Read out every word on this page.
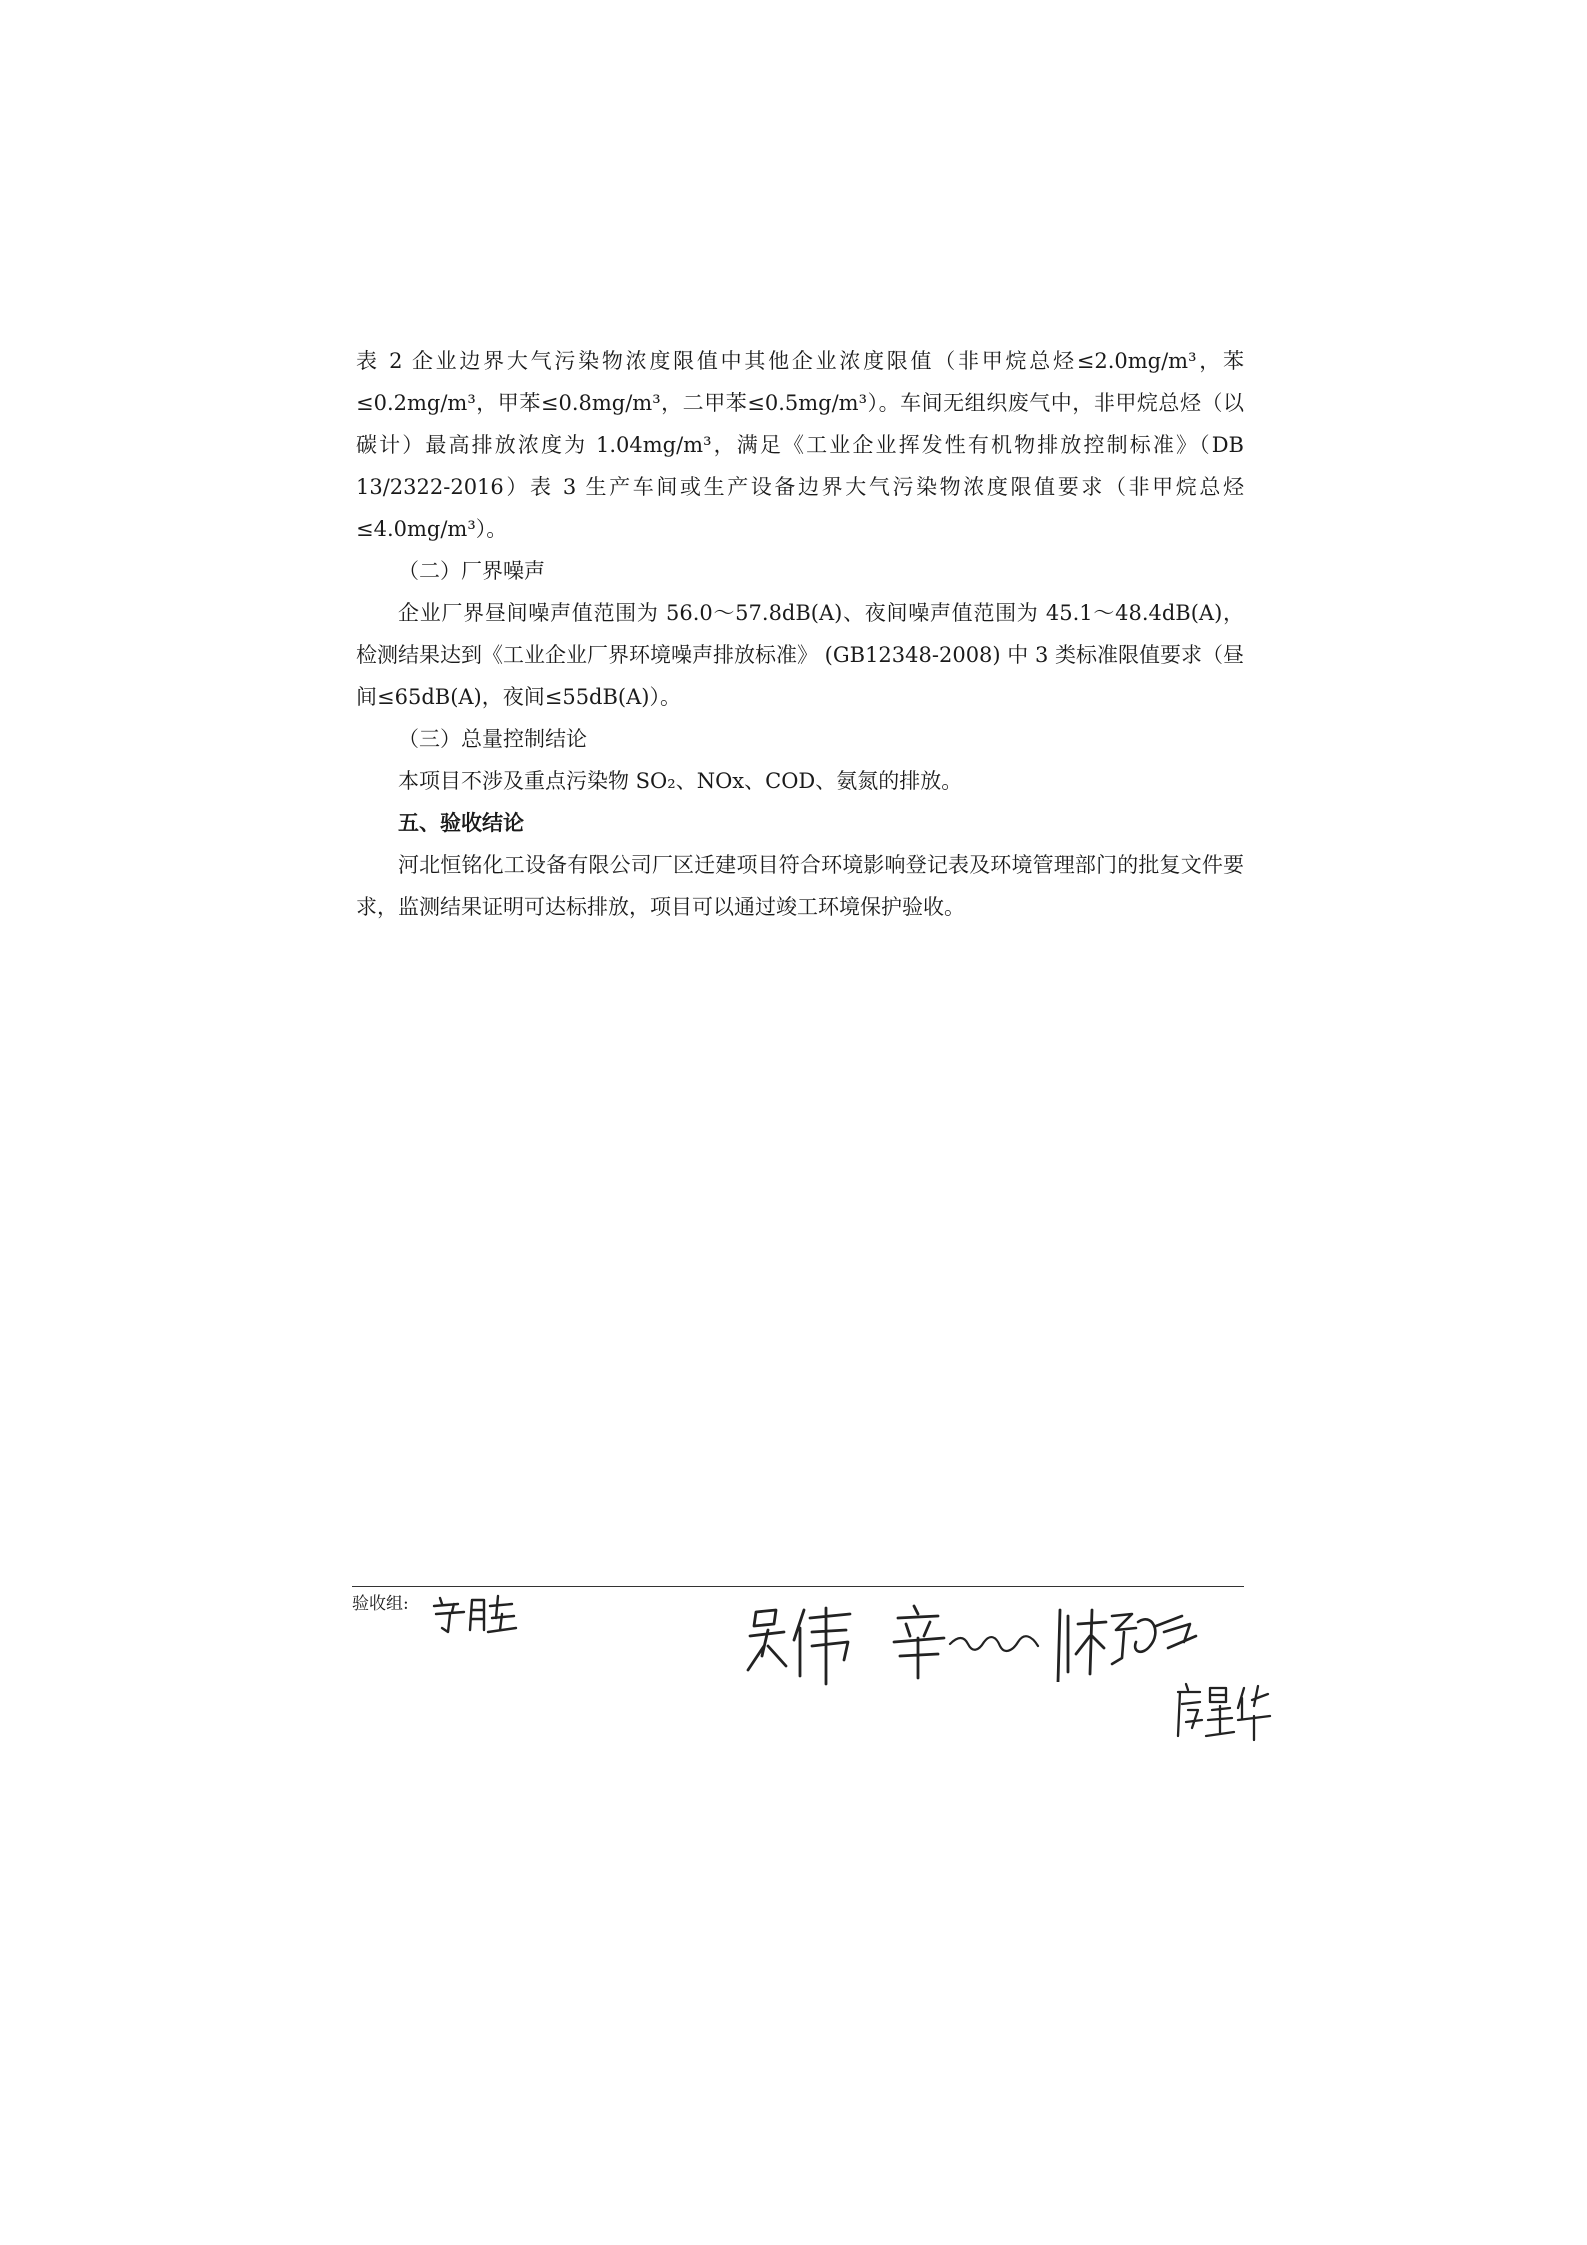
表 2 企业边界大气污染物浓度限值中其他企业浓度限值（非甲烷总烃≤2.0mg/m³，苯≤0.2mg/m³，甲苯≤0.8mg/m³，二甲苯≤0.5mg/m³）。车间无组织废气中，非甲烷总烃（以碳计）最高排放浓度为 1.04mg/m³，满足《工业企业挥发性有机物排放控制标准》（DB 13/2322-2016）表 3 生产车间或生产设备边界大气污染物浓度限值要求（非甲烷总烃≤4.0mg/m³）。

（二）厂界噪声

企业厂界昼间噪声值范围为 56.0～57.8dB(A)、夜间噪声值范围为 45.1～48.4dB(A)，检测结果达到《工业企业厂界环境噪声排放标准》 (GB12348-2008) 中 3 类标准限值要求（昼间≤65dB(A)，夜间≤55dB(A)）。

（三）总量控制结论

本项目不涉及重点污染物 SO₂、NOx、COD、氨氮的排放。

五、验收结论

河北恒铭化工设备有限公司厂区迁建项目符合环境影响登记表及环境管理部门的批复文件要求，监测结果证明可达标排放，项目可以通过竣工环境保护验收。

验收组:
